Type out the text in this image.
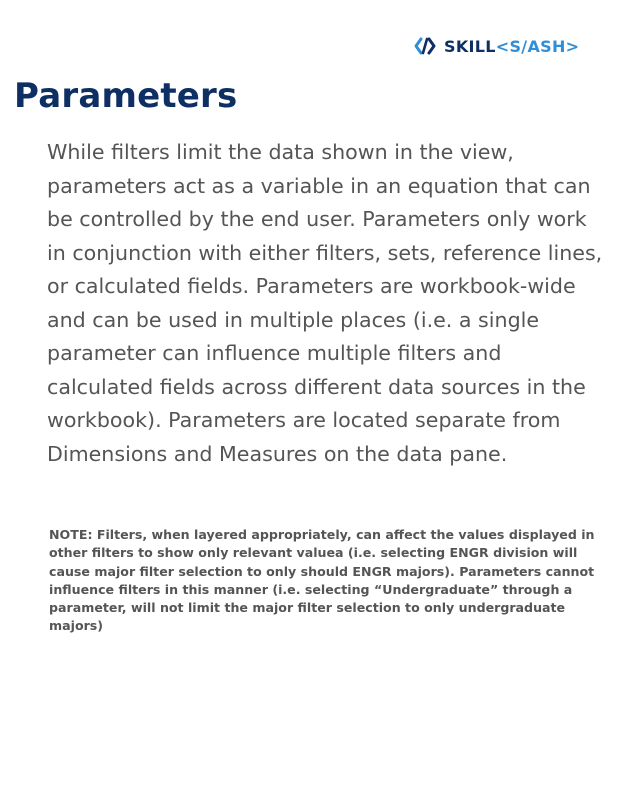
SKILL<S/ASH>
Parameters

While filters limit the data shown in the view, parameters act as a variable in an equation that can be controlled by the end user. Parameters only work in conjunction with either filters, sets, reference lines, or calculated fields. Parameters are workbook-wide and can be used in multiple places (i.e. a single parameter can influence multiple filters and calculated fields across different data sources in the workbook). Parameters are located separate from Dimensions and Measures on the data pane.

NOTE: Filters, when layered appropriately, can affect the values displayed in other filters to show only relevant valuea (i.e. selecting ENGR division will cause major filter selection to only should ENGR majors). Parameters cannot influence filters in this manner (i.e. selecting “Undergraduate” through a parameter, will not limit the major filter selection to only undergraduate majors)
